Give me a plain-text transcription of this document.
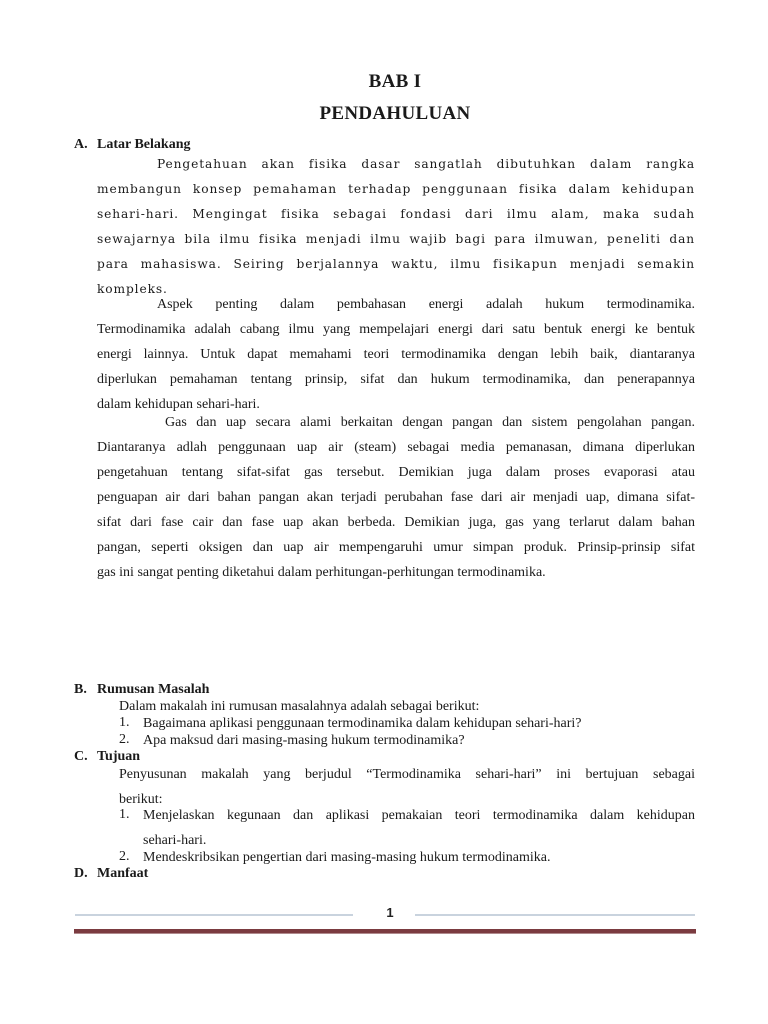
BAB I
PENDAHULUAN
A. Latar Belakang
Pengetahuan akan fisika dasar sangatlah dibutuhkan dalam rangka
membangun konsep pemahaman terhadap penggunaan fisika dalam kehidupan
sehari-hari. Mengingat fisika sebagai fondasi dari ilmu alam, maka sudah
sewajarnya bila ilmu fisika menjadi ilmu wajib bagi para ilmuwan, peneliti dan
para mahasiswa. Seiring berjalannya waktu, ilmu fisikapun menjadi semakin
kompleks.
Aspek penting dalam pembahasan energi adalah hukum termodinamika.
Termodinamika adalah cabang ilmu yang mempelajari energi dari satu bentuk energi ke bentuk
energi lainnya. Untuk dapat memahami teori termodinamika dengan lebih baik, diantaranya
diperlukan pemahaman tentang prinsip, sifat dan hukum termodinamika, dan penerapannya
dalam kehidupan sehari-hari.
Gas dan uap secara alami berkaitan dengan pangan dan sistem pengolahan pangan.
Diantaranya adlah penggunaan uap air (steam) sebagai media pemanasan, dimana diperlukan
pengetahuan tentang sifat-sifat gas tersebut. Demikian juga dalam proses evaporasi atau
penguapan air dari bahan pangan akan terjadi perubahan fase dari air menjadi uap, dimana sifat-
sifat dari fase cair dan fase uap akan berbeda. Demikian juga, gas yang terlarut dalam bahan
pangan, seperti oksigen dan uap air mempengaruhi umur simpan produk. Prinsip-prinsip sifat
gas ini sangat penting diketahui dalam perhitungan-perhitungan termodinamika.
B. Rumusan Masalah
Dalam makalah ini rumusan masalahnya adalah sebagai berikut:
1. Bagaimana aplikasi penggunaan termodinamika dalam kehidupan sehari-hari?
2. Apa maksud dari masing-masing hukum termodinamika?
C. Tujuan
Penyusunan makalah yang berjudul “Termodinamika sehari-hari” ini bertujuan sebagai
berikut:
1. Menjelaskan kegunaan dan aplikasi pemakaian teori termodinamika dalam kehidupan
sehari-hari.
2. Mendeskribsikan pengertian dari masing-masing hukum termodinamika.
D. Manfaat
1
